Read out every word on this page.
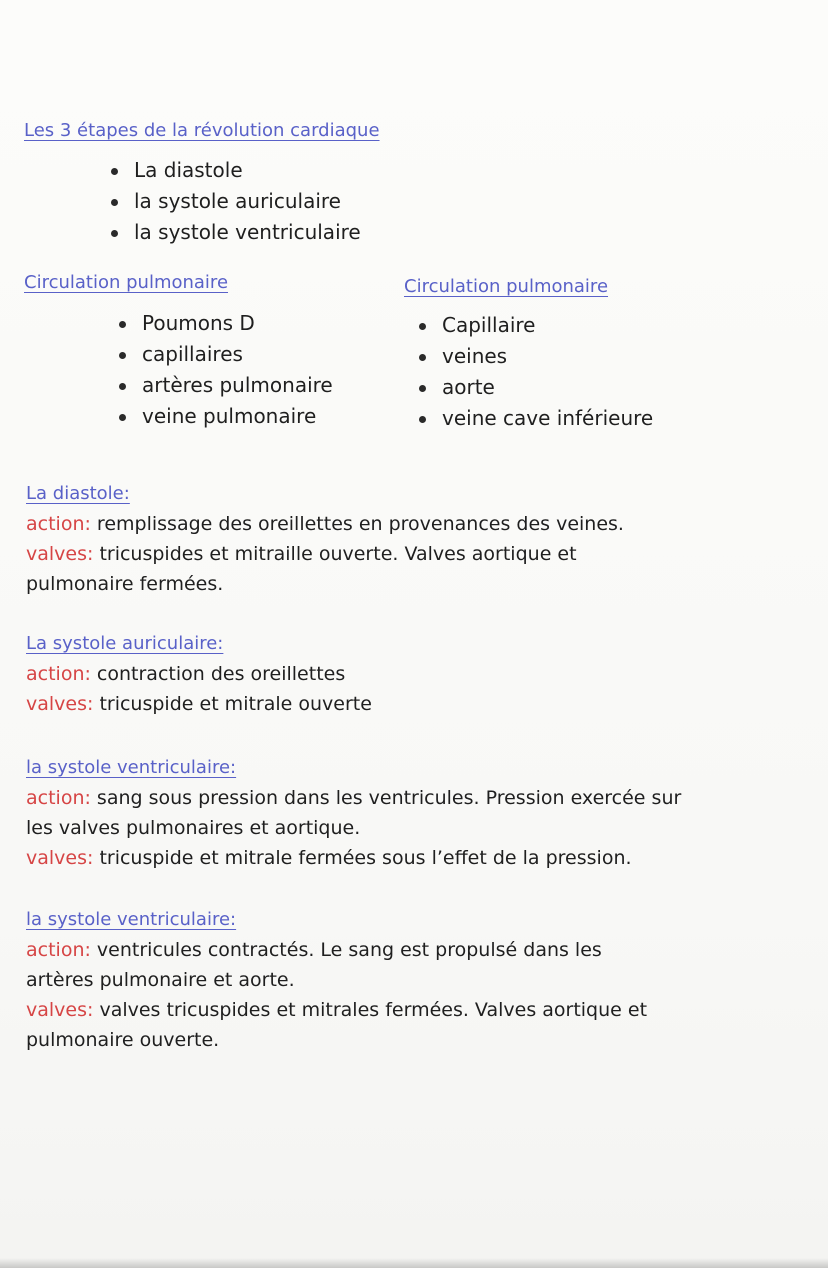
Les 3 étapes de la révolution cardiaque
La diastole
la systole auriculaire
la systole ventriculaire
Circulation pulmonaire
Poumons D
capillaires
artères pulmonaire
veine pulmonaire
Circulation pulmonaire
Capillaire
veines
aorte
veine cave inférieure
La diastole:

action: remplissage des oreillettes en provenances des veines.

valves: tricuspides et mitraille ouverte. Valves aortique et pulmonaire fermées.

La systole auriculaire:

action: contraction des oreillettes

valves: tricuspide et mitrale ouverte

la systole ventriculaire:

action: sang sous pression dans les ventricules. Pression exercée sur les valves pulmonaires et aortique.

valves: tricuspide et mitrale fermées sous l’effet de la pression.

la systole ventriculaire:

action: ventricules contractés. Le sang est propulsé dans les artères pulmonaire et aorte.

valves: valves tricuspides et mitrales fermées. Valves aortique et pulmonaire ouverte.
